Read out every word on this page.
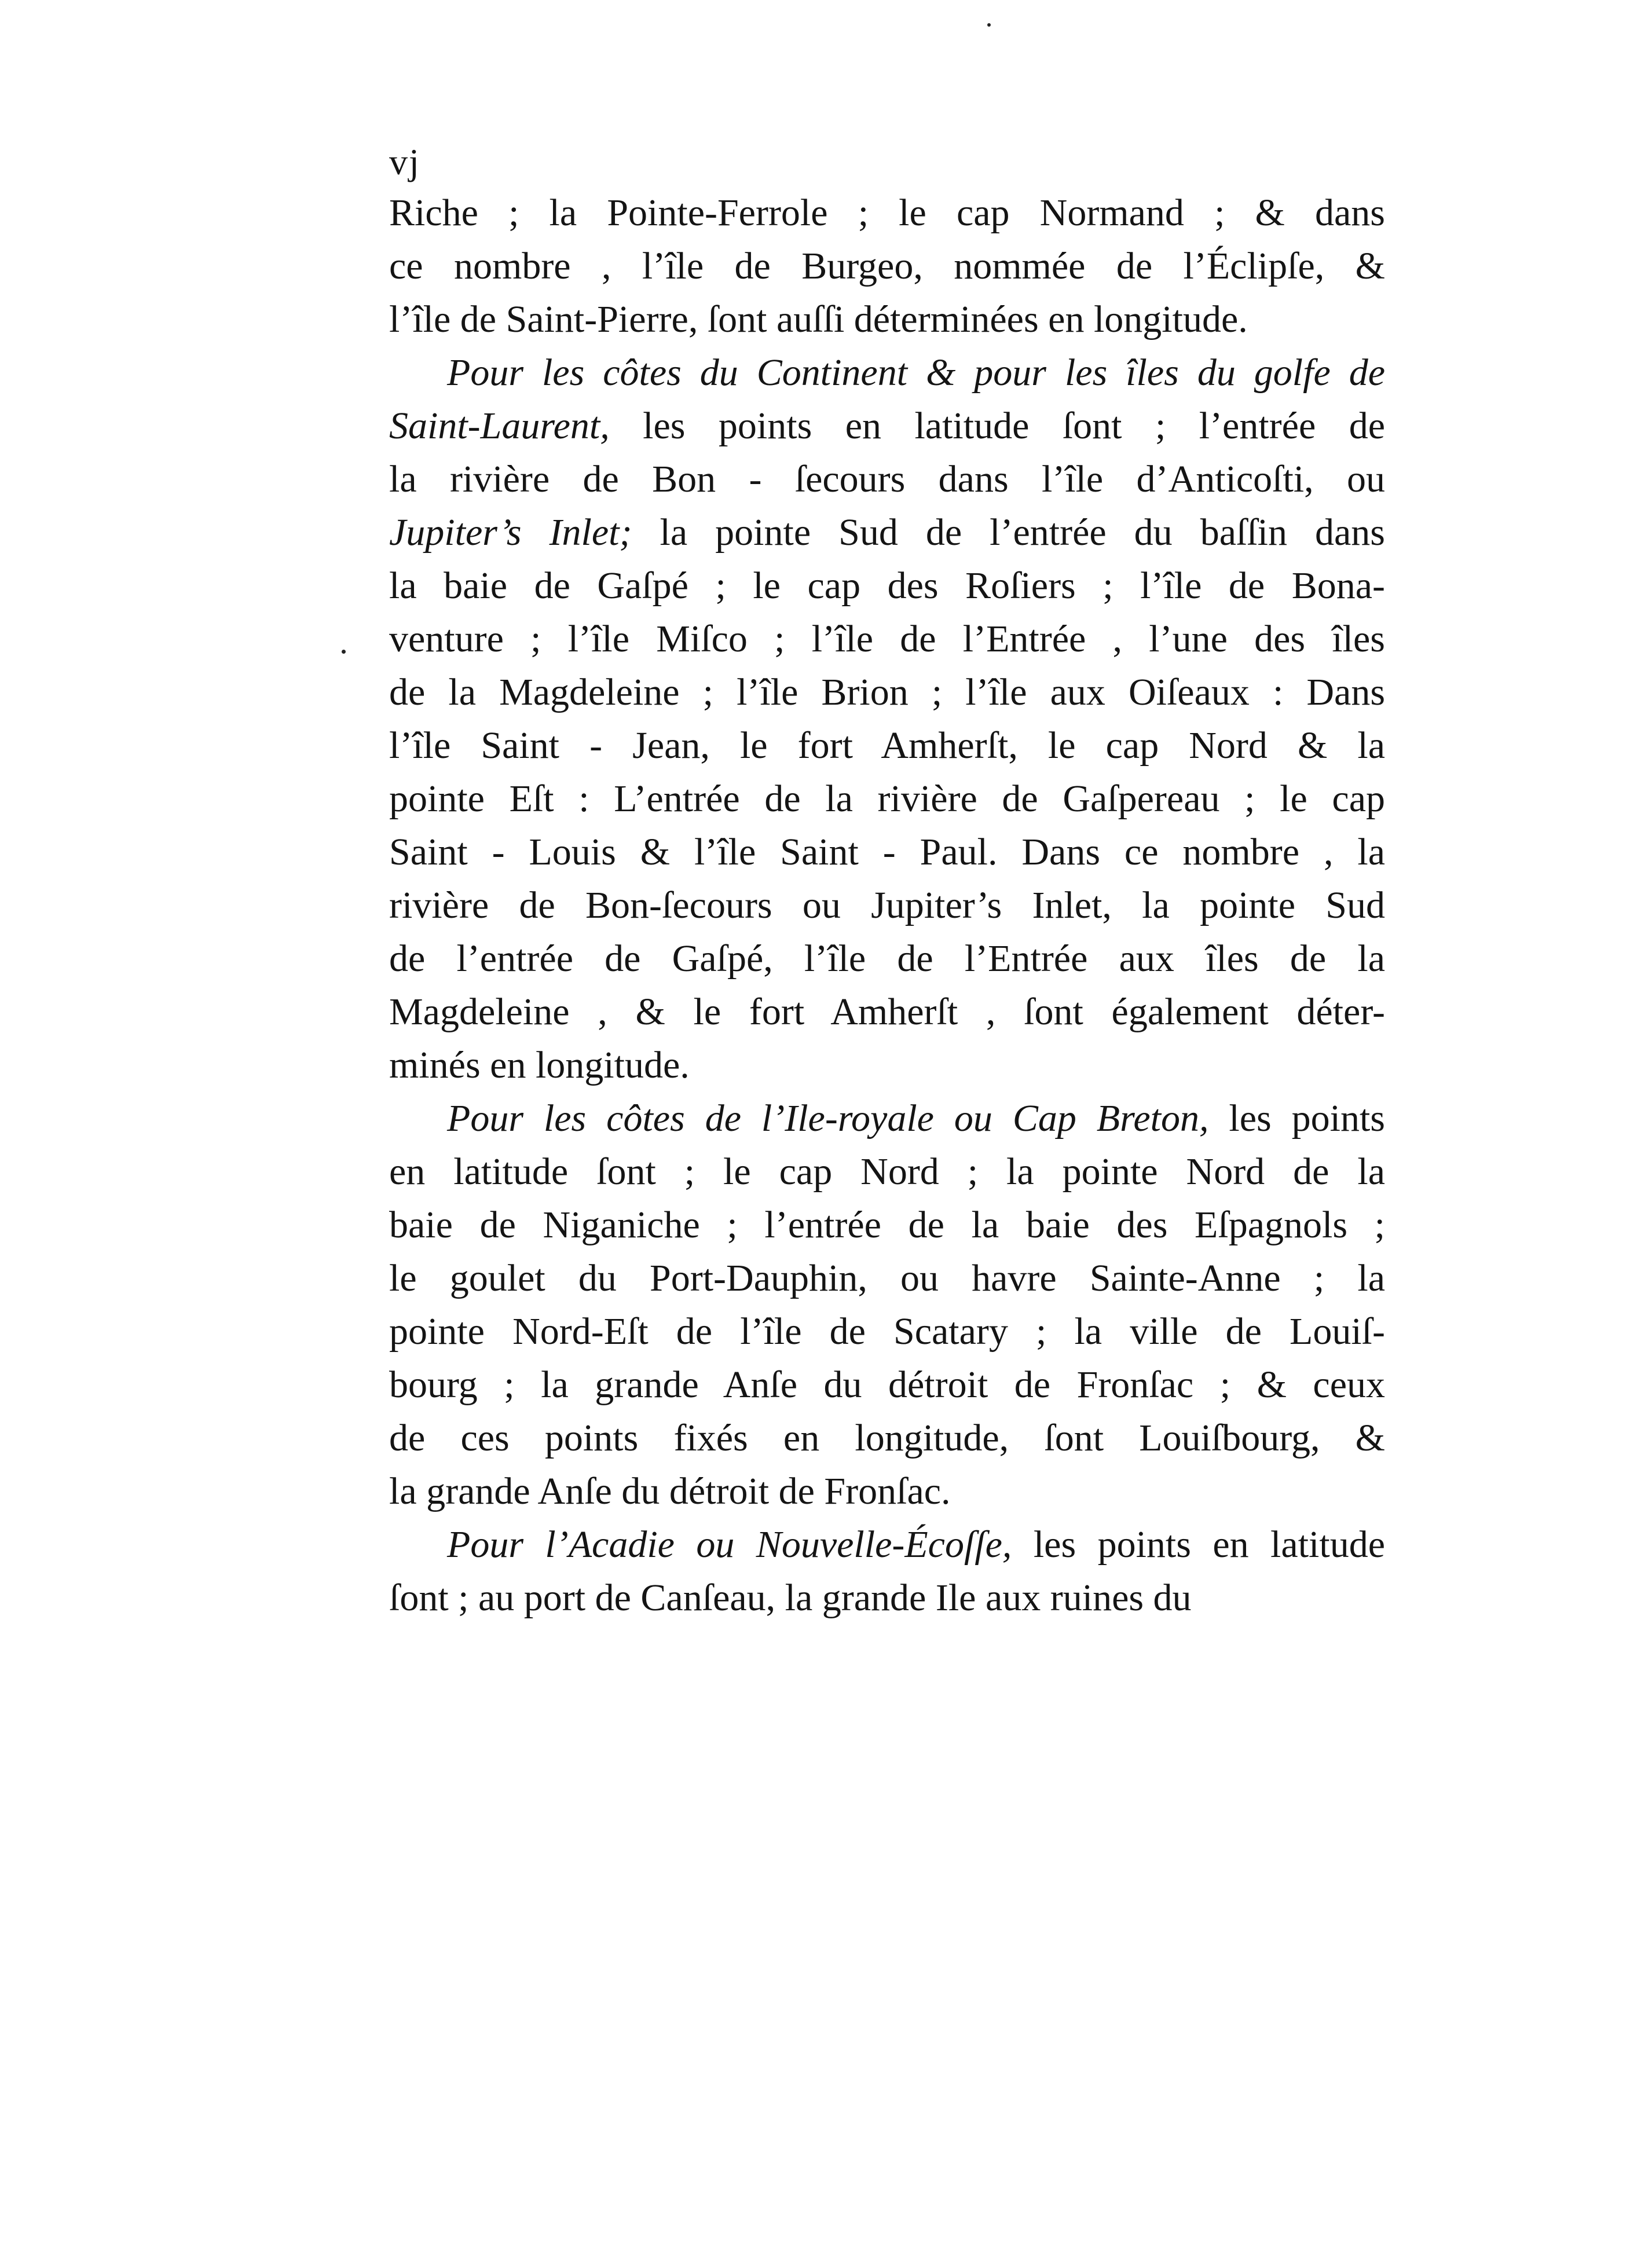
vj
Riche ; la Pointe-Ferrole ; le cap Normand ; & dans
ce nombre , l’île de Burgeo, nommée de l’Éclipſe, &
l’île de Saint-Pierre, ſont auſſi déterminées en longitude.
Pour les côtes du Continent & pour les îles du golfe de
Saint-Laurent, les points en latitude ſont ; l’entrée de
la rivière de Bon - ſecours dans l’île d’Anticoſti, ou
Jupiter’s Inlet; la pointe Sud de l’entrée du baſſin dans
la baie de Gaſpé ; le cap des Roſiers ; l’île de Bona-
venture ; l’île Miſco ; l’île de l’Entrée , l’une des îles
de la Magdeleine ; l’île Brion ; l’île aux Oiſeaux : Dans
l’île Saint - Jean, le fort Amherſt, le cap Nord & la
pointe Eſt : L’entrée de la rivière de Gaſpereau ; le cap
Saint - Louis & l’île Saint - Paul. Dans ce nombre , la
rivière de Bon-ſecours ou Jupiter’s Inlet, la pointe Sud
de l’entrée de Gaſpé, l’île de l’Entrée aux îles de la
Magdeleine , & le fort Amherſt , ſont également déter-
minés en longitude.
Pour les côtes de l’Ile-royale ou Cap Breton, les points
en latitude ſont ; le cap Nord ; la pointe Nord de la
baie de Niganiche ; l’entrée de la baie des Eſpagnols ;
le goulet du Port-Dauphin, ou havre Sainte-Anne ; la
pointe Nord-Eſt de l’île de Scatary ; la ville de Louiſ-
bourg ; la grande Anſe du détroit de Fronſac ; & ceux
de ces points fixés en longitude, ſont Louiſbourg, &
la grande Anſe du détroit de Fronſac.
Pour l’Acadie ou Nouvelle-Écoſſe, les points en latitude
ſont ; au port de Canſeau, la grande Ile aux ruines du
